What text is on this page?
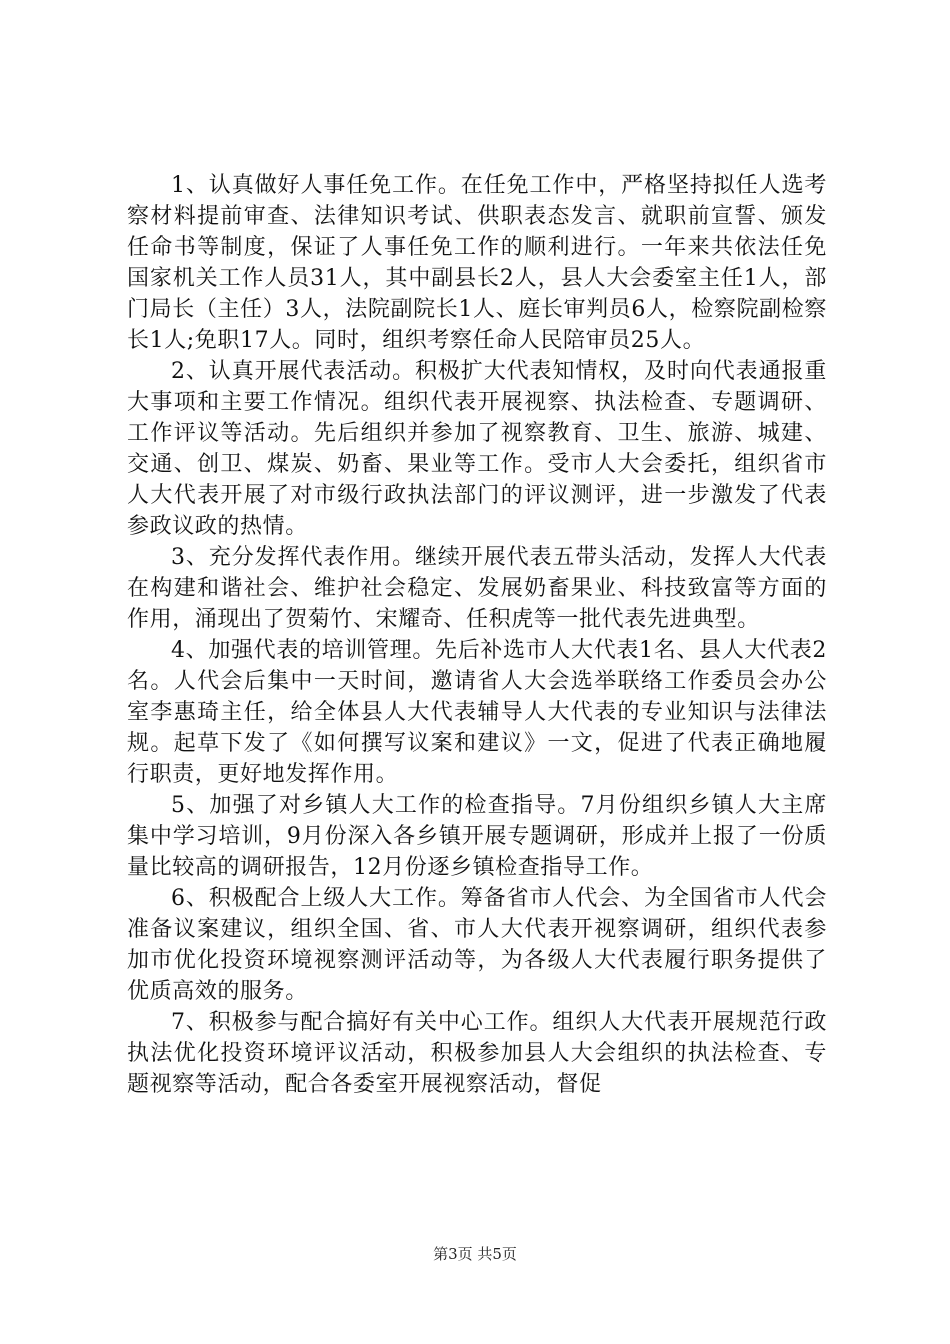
1、认真做好人事任免工作。在任免工作中，严格坚持拟任人选考察材料提前审查、法律知识考试、供职表态发言、就职前宣誓、颁发任命书等制度，保证了人事任免工作的顺利进行。一年来共依法任免国家机关工作人员31人，其中副县长2人，县人大会委室主任1人，部门局长（主任）3人，法院副院长1人、庭长审判员6人，检察院副检察长1人;免职17人。同时，组织考察任命人民陪审员25人。

2、认真开展代表活动。积极扩大代表知情权，及时向代表通报重大事项和主要工作情况。组织代表开展视察、执法检查、专题调研、工作评议等活动。先后组织并参加了视察教育、卫生、旅游、城建、交通、创卫、煤炭、奶畜、果业等工作。受市人大会委托，组织省市人大代表开展了对市级行政执法部门的评议测评，进一步激发了代表参政议政的热情。

3、充分发挥代表作用。继续开展代表五带头活动，发挥人大代表在构建和谐社会、维护社会稳定、发展奶畜果业、科技致富等方面的作用，涌现出了贺菊竹、宋耀奇、任积虎等一批代表先进典型。

4、加强代表的培训管理。先后补选市人大代表1名、县人大代表2名。人代会后集中一天时间，邀请省人大会选举联络工作委员会办公室李惠琦主任，给全体县人大代表辅导人大代表的专业知识与法律法规。起草下发了《如何撰写议案和建议》一文，促进了代表正确地履行职责，更好地发挥作用。

5、加强了对乡镇人大工作的检查指导。7月份组织乡镇人大主席集中学习培训，9月份深入各乡镇开展专题调研，形成并上报了一份质量比较高的调研报告，12月份逐乡镇检查指导工作。

6、积极配合上级人大工作。筹备省市人代会、为全国省市人代会准备议案建议，组织全国、省、市人大代表开视察调研，组织代表参加市优化投资环境视察测评活动等，为各级人大代表履行职务提供了优质高效的服务。

7、积极参与配合搞好有关中心工作。组织人大代表开展规范行政执法优化投资环境评议活动，积极参加县人大会组织的执法检查、专题视察等活动，配合各委室开展视察活动，督促

第3页 共5页
